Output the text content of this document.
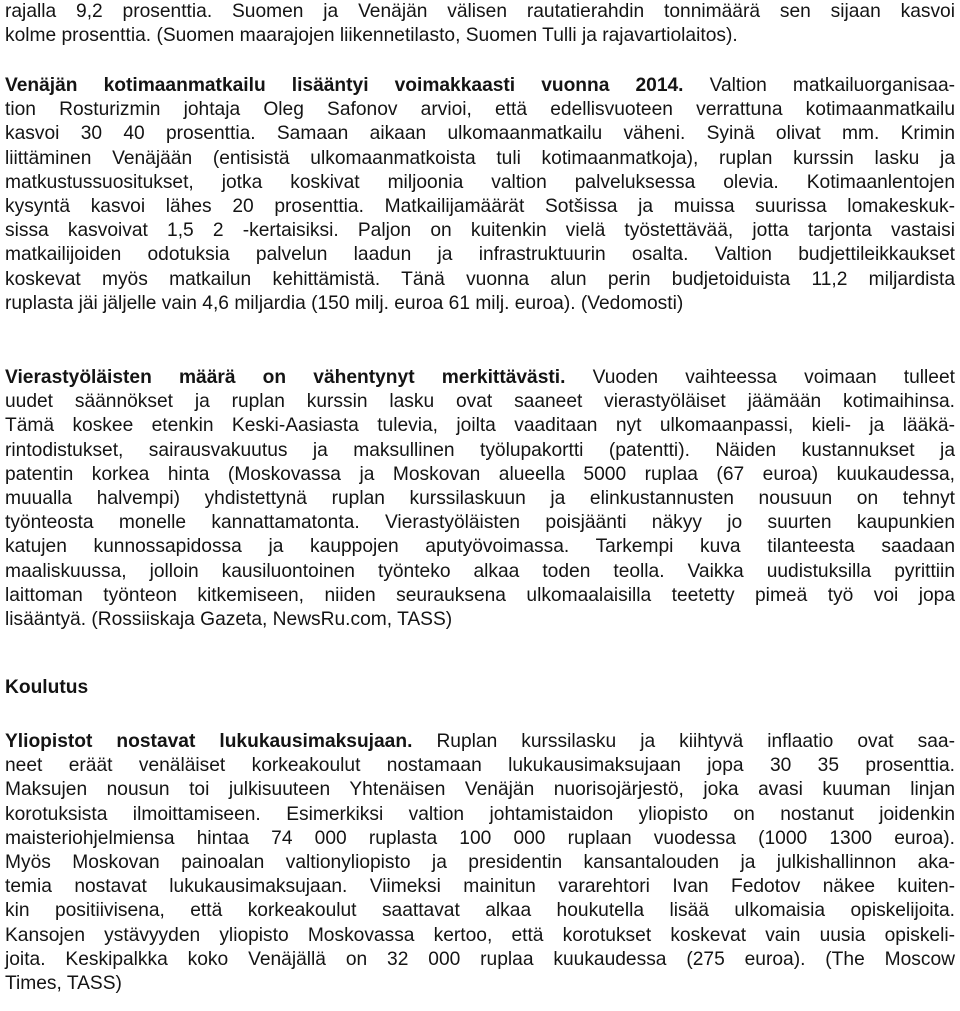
rajalla 9,2 prosenttia. Suomen ja Venäjän välisen rautatierahdin tonnimäärä sen sijaan kasvoi
kolme prosenttia. (Suomen maarajojen liikennetilasto, Suomen Tulli ja rajavartiolaitos).
Venäjän kotimaanmatkailu lisääntyi voimakkaasti vuonna 2014. Valtion matkailuorganisaa-
tion Rosturizmin johtaja Oleg Safonov arvioi, että edellisvuoteen verrattuna kotimaanmatkailu
kasvoi 30 40 prosenttia. Samaan aikaan ulkomaanmatkailu väheni. Syinä olivat mm. Krimin
liittäminen Venäjään (entisistä ulkomaanmatkoista tuli kotimaanmatkoja), ruplan kurssin lasku ja
matkustussuositukset, jotka koskivat miljoonia valtion palveluksessa olevia. Kotimaanlentojen
kysyntä kasvoi lähes 20 prosenttia. Matkailijamäärät Sotšissa ja muissa suurissa lomakeskuk-
sissa kasvoivat 1,5 2 -kertaisiksi. Paljon on kuitenkin vielä työstettävää, jotta tarjonta vastaisi
matkailijoiden odotuksia palvelun laadun ja infrastruktuurin osalta. Valtion budjettileikkaukset
koskevat myös matkailun kehittämistä. Tänä vuonna alun perin budjetoiduista 11,2 miljardista
ruplasta jäi jäljelle vain 4,6 miljardia (150 milj. euroa 61 milj. euroa). (Vedomosti)
Vierastyöläisten määrä on vähentynyt merkittävästi. Vuoden vaihteessa voimaan tulleet
uudet säännökset ja ruplan kurssin lasku ovat saaneet vierastyöläiset jäämään kotimaihinsa.
Tämä koskee etenkin Keski-Aasiasta tulevia, joilta vaaditaan nyt ulkomaanpassi, kieli- ja lääkä-
rintodistukset, sairausvakuutus ja maksullinen työlupakortti (patentti). Näiden kustannukset ja
patentin korkea hinta (Moskovassa ja Moskovan alueella 5000 ruplaa (67 euroa) kuukaudessa,
muualla halvempi) yhdistettynä ruplan kurssilaskuun ja elinkustannusten nousuun on tehnyt
työnteosta monelle kannattamatonta. Vierastyöläisten poisjäänti näkyy jo suurten kaupunkien
katujen kunnossapidossa ja kauppojen aputyövoimassa. Tarkempi kuva tilanteesta saadaan
maaliskuussa, jolloin kausiluontoinen työnteko alkaa toden teolla. Vaikka uudistuksilla pyrittiin
laittoman työnteon kitkemiseen, niiden seurauksena ulkomaalaisilla teetetty pimeä työ voi jopa
lisääntyä. (Rossiiskaja Gazeta, NewsRu.com, TASS)
Koulutus
Yliopistot nostavat lukukausimaksujaan. Ruplan kurssilasku ja kiihtyvä inflaatio ovat saa-
neet eräät venäläiset korkeakoulut nostamaan lukukausimaksujaan jopa 30 35 prosenttia.
Maksujen nousun toi julkisuuteen Yhtenäisen Venäjän nuorisojärjestö, joka avasi kuuman linjan
korotuksista ilmoittamiseen. Esimerkiksi valtion johtamistaidon yliopisto on nostanut joidenkin
maisteriohjelmiensa hintaa 74 000 ruplasta 100 000 ruplaan vuodessa (1000 1300 euroa).
Myös Moskovan painoalan valtionyliopisto ja presidentin kansantalouden ja julkishallinnon aka-
temia nostavat lukukausimaksujaan. Viimeksi mainitun vararehtori Ivan Fedotov näkee kuiten-
kin positiivisena, että korkeakoulut saattavat alkaa houkutella lisää ulkomaisia opiskelijoita.
Kansojen ystävyyden yliopisto Moskovassa kertoo, että korotukset koskevat vain uusia opiskeli-
joita. Keskipalkka koko Venäjällä on 32 000 ruplaa kuukaudessa (275 euroa). (The Moscow
Times, TASS)
